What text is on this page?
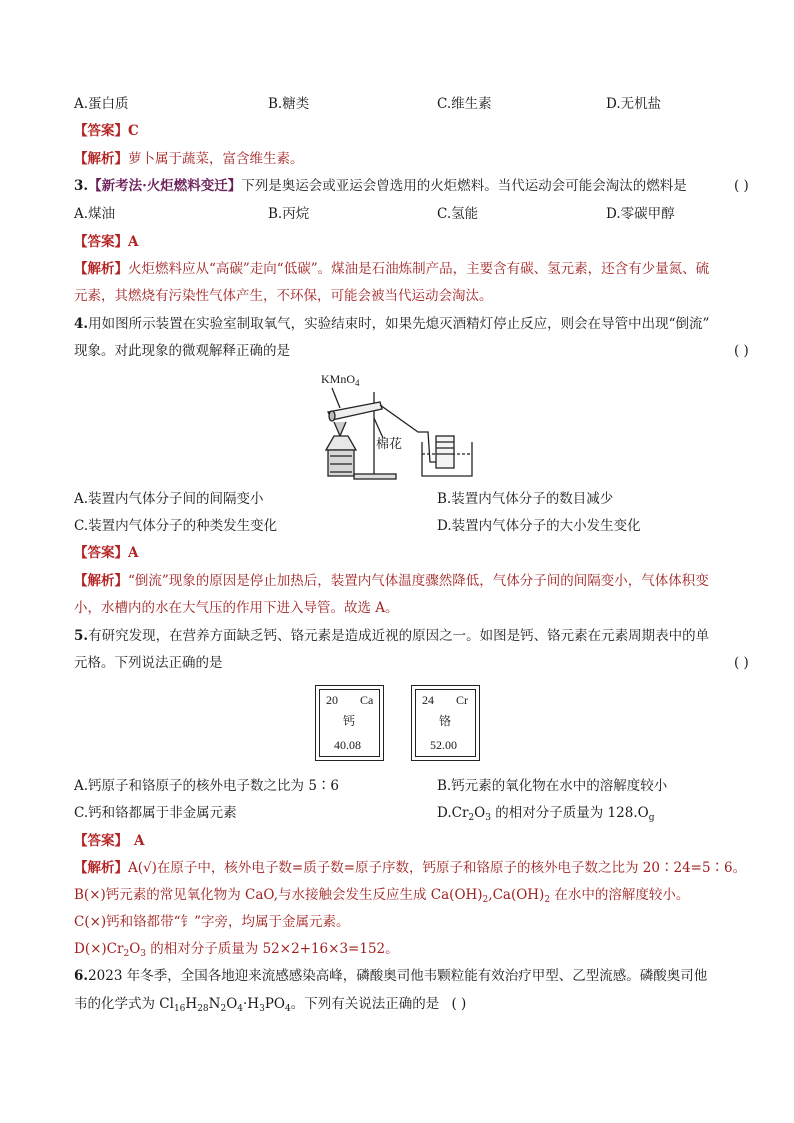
A.蛋白质	B.糖类	C.维生素	D.无机盐
【答案】C
【解析】萝卜属于蔬菜，富含维生素。
3.【新考法·火炬燃料变迁】下列是奥运会或亚运会曾选用的火炬燃料。当代运动会可能会淘汰的燃料是	( )
A.煤油	B.丙烷	C.氢能	D.零碳甲醇
【答案】A
【解析】火炬燃料应从“高碳”走向“低碳”。煤油是石油炼制产品，主要含有碳、氢元素，还含有少量氮、硫
元素，其燃烧有污染性气体产生，不环保，可能会被当代运动会淘汰。
4.用如图所示装置在实验室制取氧气，实验结束时，如果先熄灭酒精灯停止反应，则会在导管中出现“倒流”
现象。对此现象的微观解释正确的是	( )
KMnO$_4$
棉花
A.装置内气体分子间的间隔变小	B.装置内气体分子的数目减少
C.装置内气体分子的种类发生变化	D.装置内气体分子的大小发生变化
【答案】A
【解析】“倒流”现象的原因是停止加热后，装置内气体温度骤然降低，气体分子间的间隔变小，气体体积变
小，水槽内的水在大气压的作用下进入导管。故选 A。
5.有研究发现，在营养方面缺乏钙、铬元素是造成近视的原因之一。如图是钙、铬元素在元素周期表中的单
元格。下列说法正确的是	( )
20 Ca
钙
40.08
24 Cr
铬
52.00
A.钙原子和铬原子的核外电子数之比为 5∶6	B.钙元素的氧化物在水中的溶解度较小
C.钙和铬都属于非金属元素	$D.Cr_2O_3$ 的相对分子质量为 $128.O_g$
【答案】 A
【解析】A(√)在原子中，核外电子数=质子数=原子序数，钙原子和铬原子的核外电子数之比为 20∶24=5∶6。
B(×)钙元素的常见氧化物为 CaO,与水接触会发生反应生成 $Ca(OH)_2,Ca(OH)_2$ 在水中的溶解度较小。
C(×)钙和铬都带“钅”字旁，均属于金属元素。
$D(\times)Cr_2O_3$ 的相对分子质量为 52×2+16×3=152。
6.2023 年冬季，全国各地迎来流感感染高峰，磷酸奥司他韦颗粒能有效治疗甲型、乙型流感。磷酸奥司他
韦的化学式为 $Cl_{16}H_{28}N_2O_4\cdot H_3PO_4$。下列有关说法正确的是 ( )
